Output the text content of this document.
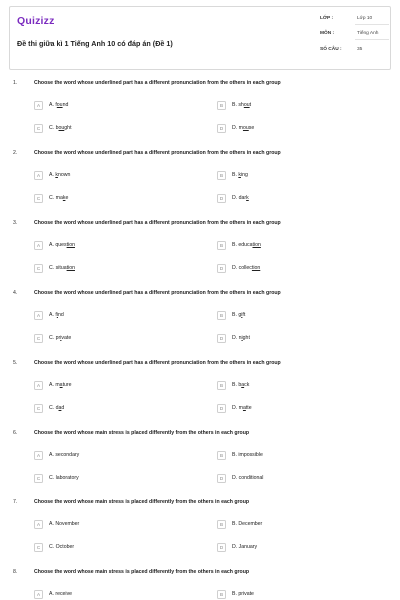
Quizizz
Đề thi giữa kì 1 Tiếng Anh 10 có đáp án (Đề 1)
LỚP :	Lớp 10
MÔN :	Tiếng Anh
SỐ CÂU :	35
1.	Choose the word whose underlined part has a different pronunciation from the others in each group
A	A. found	B	B. shout
C	C. bought	D	D. mouse
2.	Choose the word whose underlined part has a different pronunciation from the others in each group
A	A. known	B	B. king
C	C. make	D	D. dark
3.	Choose the word whose underlined part has a different pronunciation from the others in each group
A	A. question	B	B. education
C	C. situation	D	D. collection
4.	Choose the word whose underlined part has a different pronunciation from the others in each group
A	A. find	B	B. gift
C	C. private	D	D. night
5.	Choose the word whose underlined part has a different pronunciation from the others in each group
A	A. mature	B	B. back
C	C. dad	D	D. matte
6.	Choose the word whose main stress is placed differently from the others in each group
A	A. secondary	B	B. impossible
C	C. laboratory	D	D. conditional
7.	Choose the word whose main stress is placed differently from the others in each group
A	A. November	B	B. December
C	C. October	D	D. January
8.	Choose the word whose main stress is placed differently from the others in each group
A	A. receive	B	B. private
